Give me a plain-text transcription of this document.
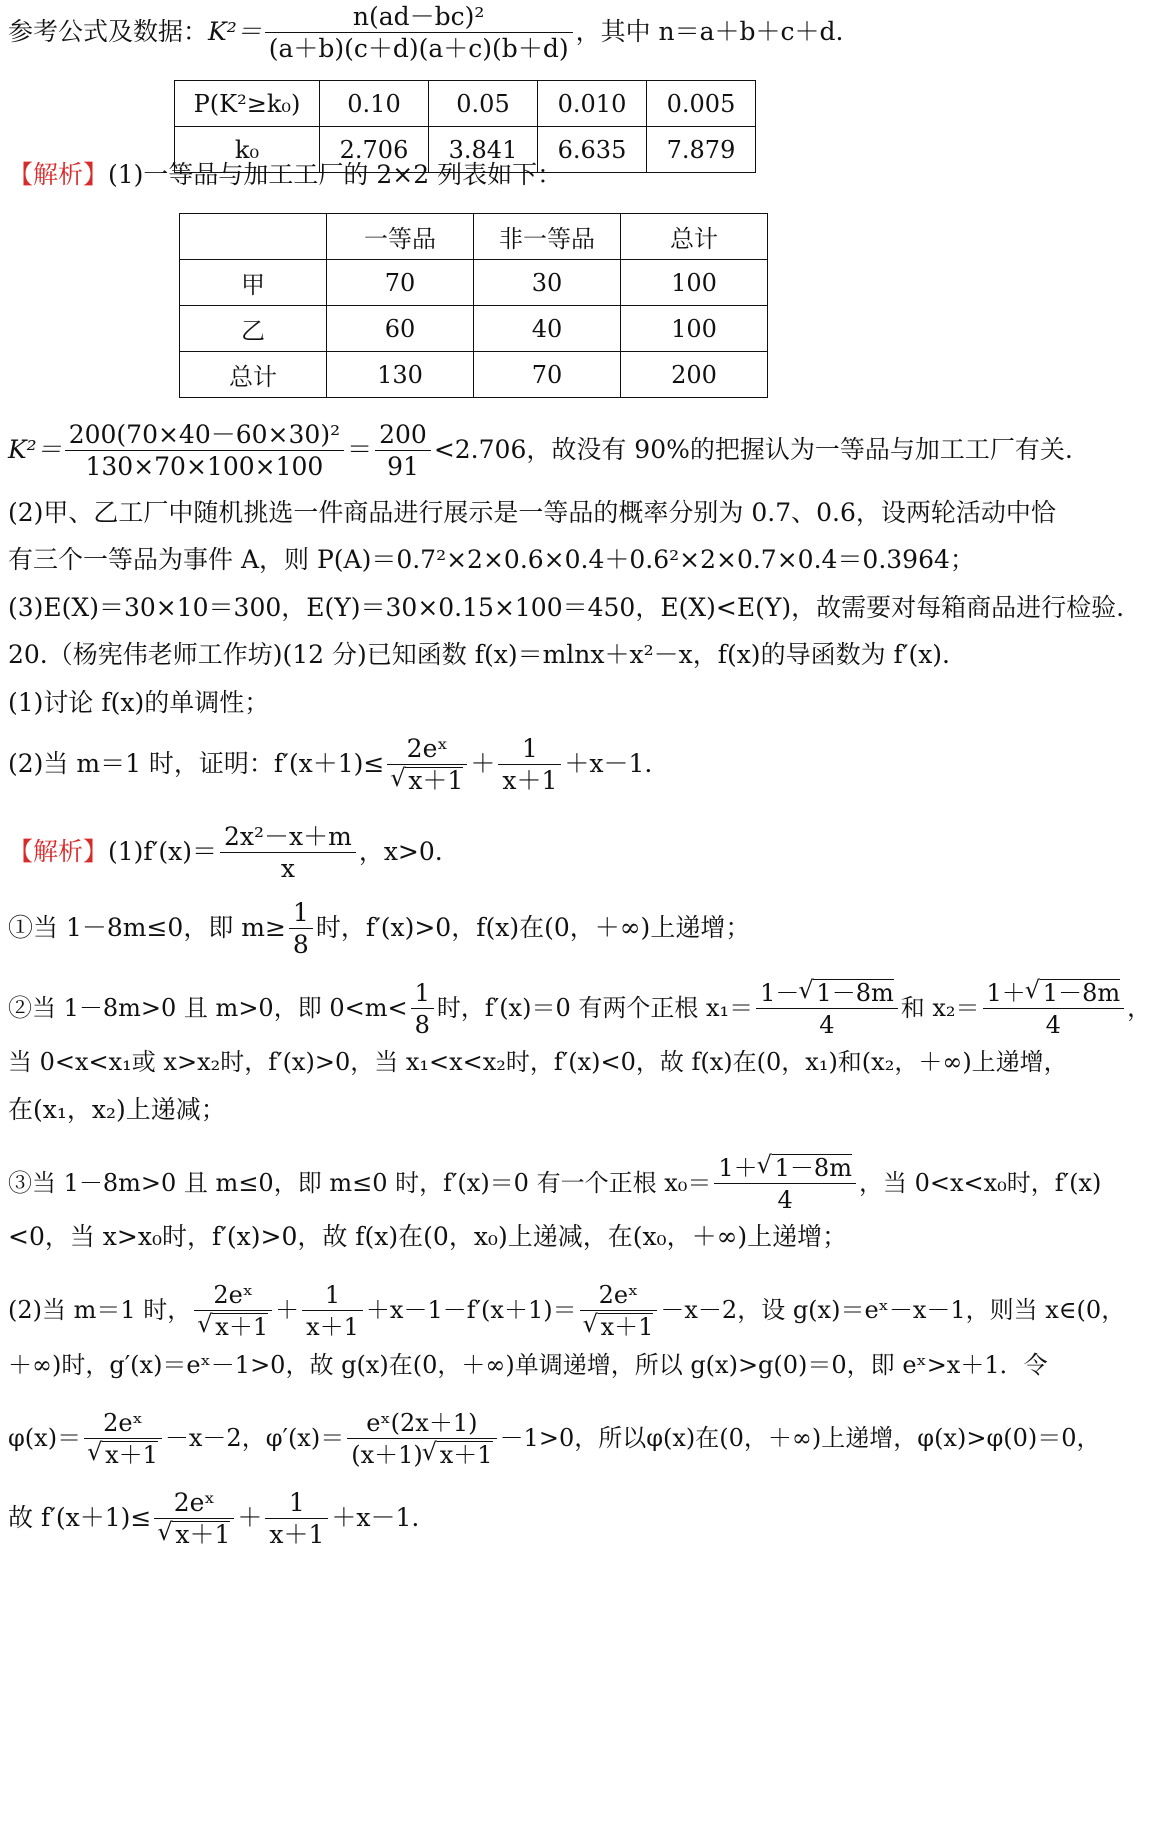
参考公式及数据：$K^2= \frac{\text{n(ad－bc)²}}{(a+b)(c+d)(a+c)(b+d)}$ ，其中 n＝a＋b＋c＋d.
P(K²≥k₀)	0.10	0.05	0.010	0.005
k₀	2.706	3.841	6.635	7.879
【解析】(1)一等品与加工工厂的 2×2 列表如下：
	一等品	非一等品	总计
甲	70	30	100
乙	60	40	100
总计	130	70	200
$K^2= \frac{\text{200(70×40－60×30)²}}{130\times 70\times 100\times 100} = \frac{200}{91} <2.706$，故没有 90%的把握认为一等品与加工工厂有关.
(2)甲、乙工厂中随机挑选一件商品进行展示是一等品的概率分别为 0.7、0.6，设两轮活动中恰
有三个一等品为事件 A，则 P(A)＝0.7²×2×0.6×0.4＋0.6²×2×0.7×0.4＝0.3964；
(3)E(X)＝30×10＝300，E(Y)＝30×0.15×100＝450，E(X)<E(Y)，故需要对每箱商品进行检验.
20.（杨宪伟老师工作坊)(12 分)已知函数 f(x)＝mlnx＋x²－x，f(x)的导函数为 f′(x).
(1)讨论 f(x)的单调性；
(2)当 m＝1 时，证明：f′(x＋1)≤ 2eˣ
√ $x+1 + \frac{1}{x+1} +x-1$.
【解析】$(1)f'(x)= \frac{\text{2x²－x＋m}}{x}$ ，x>0.
①当 1－8m≤0，即 $m\ge \frac{1}{8}$ 时，f′(x)>0，f(x)在(0，＋∞)上递增；
②当 1－8m>0 且 m>0，即 $0<m< \frac{1}{8}$ 时，f′(x)＝0 有两个正根 $x_1= \frac{1- √ 1-8m}{4}$ 和 $x_2= \frac{1+ √ 1-8m}{4}$ ，
当 0<x<x₁或 x>x₂时，f′(x)>0，当 x₁<x<x₂时，f′(x)<0，故 f(x)在(0，x₁)和(x₂，＋∞)上递增，
在(x₁，x₂)上递减；
③当 1－8m>0 且 m≤0，即 m≤0 时，f′(x)＝0 有一个正根 $x_0= \frac{1+ √ 1-8m}{4}$ ，当 0<x<x₀时，f′(x)
<0，当 x>x₀时，f′(x)>0，故 f(x)在(0，x₀)上递减，在(x₀，＋∞)上递增；
(2)当 m＝1 时， 2eˣ
√ $x+1 + \frac{1}{x+1} +x-1-f'(x+1)=$ 2eˣ
√ x＋1 －x－2，设 g(x)＝eˣ－x－1，则当 x∈(0，
＋∞)时，g′(x)＝eˣ－1>0，故 g(x)在(0，＋∞)单调递增，所以 g(x)>g(0)＝0，即 eˣ>x＋1．令
φ(x)＝ 2eˣ
√ x＋1 －x－2，$\varphi'(x)= \frac{\text{eˣ(2x＋1)}}{(x+1) √ x+1} -1>0$，所以φ(x)在(0，＋∞)上递增，φ(x)>φ(0)＝0，
故 f′(x＋1)≤ 2eˣ
√ $x+1 + \frac{1}{x+1} +x-1$.
